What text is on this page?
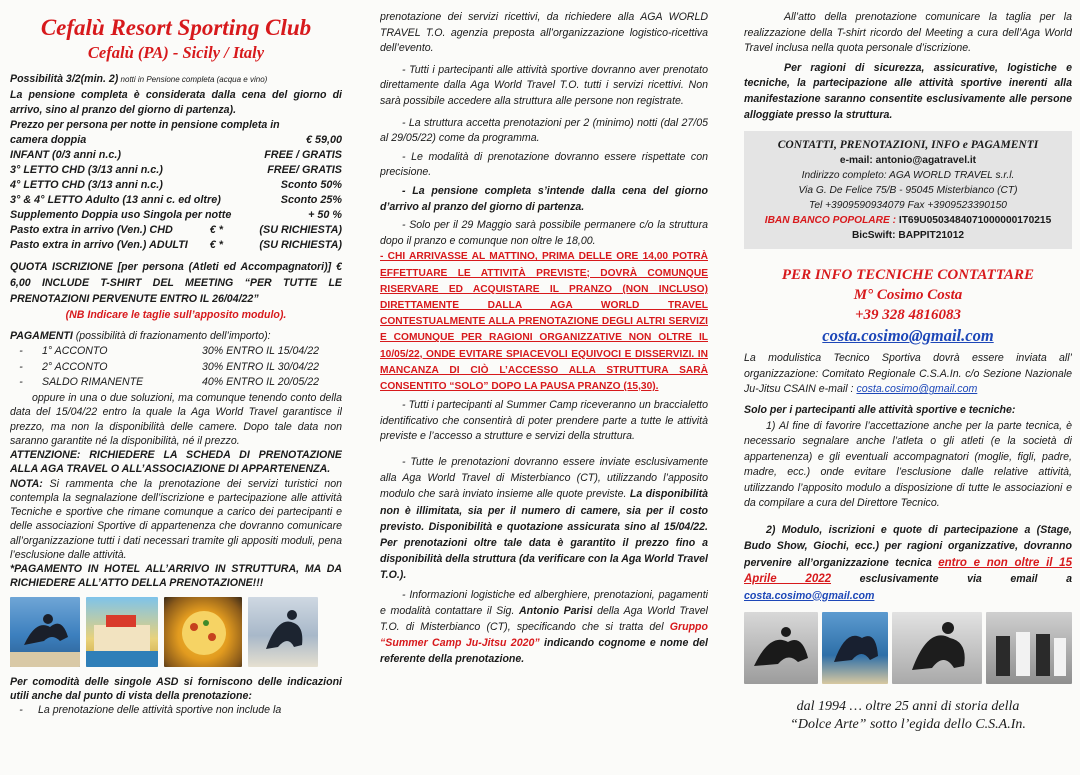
Cefalù Resort Sporting Club

Cefalù (PA) - Sicily / Italy

Possibilità 3/2(min. 2) notti in Pensione completa (acqua e vino)

La pensione completa è considerata dalla cena del giorno di arrivo, sino al pranzo del giorno di partenza).

Prezzo per persona per notte in pensione completa in

camera doppia	€ 59,00
INFANT (0/3 anni n.c.)	FREE / GRATIS
3° LETTO CHD (3/13 anni n.c.)	FREE/ GRATIS
4° LETTO CHD (3/13 anni n.c.)	Sconto 50%
3° & 4° LETTO Adulto (13 anni c. ed oltre)	Sconto 25%
Supplemento Doppia uso Singola per notte	+ 50 %
Pasto extra in arrivo (Ven.) CHD	€ *	(SU RICHIESTA)
Pasto extra in arrivo (Ven.) ADULTI	€ *	(SU RICHIESTA)

QUOTA ISCRIZIONE [per persona (Atleti ed Accompagnatori)] € 6,00 INCLUDE T-SHIRT DEL MEETING “PER TUTTE LE PRENOTAZIONI PERVENUTE ENTRO IL 26/04/22”

(NB Indicare le taglie sull’apposito modulo).

PAGAMENTI (possibilità di frazionamento dell’importo):

-	1° ACCONTO	30% ENTRO IL 15/04/22
-	2° ACCONTO	30% ENTRO IL 30/04/22
-	SALDO RIMANENTE	40% ENTRO IL 20/05/22

oppure in una o due soluzioni, ma comunque tenendo conto della data del 15/04/22 entro la quale la Aga World Travel garantisce il prezzo, ma non la disponibilità delle camere. Dopo tale data non saranno garantite né la disponibilità, né il prezzo.

ATTENZIONE: RICHIEDERE LA SCHEDA DI PRENOTAZIONE ALLA AGA TRAVEL O ALL’ASSOCIAZIONE DI APPARTENENZA.

NOTA: Si rammenta che la prenotazione dei servizi turistici non contempla la segnalazione dell’iscrizione e partecipazione alle attività Tecniche e sportive che rimane comunque a carico dei partecipanti e delle associazioni Sportive di appartenenza che dovranno comunicare all’organizzazione tutti i dati necessari tramite gli appositi moduli, pena l’esclusione dalle attività.

*PAGAMENTO IN HOTEL ALL’ARRIVO IN STRUTTURA, MA DA RICHIEDERE ALL’ATTO DELLA PRENOTAZIONE!!!

Per comodità delle singole ASD si forniscono delle indicazioni utili anche dal punto di vista della prenotazione:

- La prenotazione delle attività sportive non include la

prenotazione dei servizi ricettivi, da richiedere alla AGA WORLD TRAVEL T.O. agenzia preposta all’organizzazione logistico-ricettiva dell’evento.

- Tutti i partecipanti alle attività sportive dovranno aver prenotato direttamente dalla Aga World Travel T.O. tutti i servizi ricettivi. Non sarà possibile accedere alla struttura alle persone non registrate.

- La struttura accetta prenotazioni per 2 (minimo) notti (dal 27/05 al 29/05/22) come da programma.

- Le modalità di prenotazione dovranno essere rispettate con precisione.

- La pensione completa s’intende dalla cena del giorno d’arrivo al pranzo del giorno di partenza.

- Solo per il 29 Maggio sarà possibile permanere c/o la struttura dopo il pranzo e comunque non oltre le 18,00.

- CHI ARRIVASSE AL MATTINO, PRIMA DELLE ORE 14,00 POTRÀ EFFETTUARE LE ATTIVITÀ PREVISTE; DOVRÀ COMUNQUE RISERVARE ED ACQUISTARE IL PRANZO (NON INCLUSO) DIRETTAMENTE DALLA AGA WORLD TRAVEL CONTESTUALMENTE ALLA PRENOTAZIONE DEGLI ALTRI SERVIZI E COMUNQUE PER RAGIONI ORGANIZZATIVE NON OLTRE IL 10/05/22, ONDE EVITARE SPIACEVOLI EQUIVOCI E DISSERVIZI. IN MANCANZA DI CIÒ L’ACCESSO ALLA STRUTTURA SARÀ CONSENTITO “SOLO” DOPO LA PAUSA PRANZO (15,30).

- Tutti i partecipanti al Summer Camp riceveranno un braccialetto identificativo che consentirà di poter prendere parte a tutte le attività previste e l’accesso a strutture e servizi della struttura.

- Tutte le prenotazioni dovranno essere inviate esclusivamente alla Aga World Travel di Misterbianco (CT), utilizzando l’apposito modulo che sarà inviato insieme alle quote previste. La disponibilità non è illimitata, sia per il numero di camere, sia per il costo previsto. Disponibilità e quotazione assicurata sino al 15/04/22. Per prenotazioni oltre tale data è garantito il prezzo fino a disponibilità della struttura (da verificare con la Aga World Travel T.O.).

- Informazioni logistiche ed alberghiere, prenotazioni, pagamenti e modalità contattare il Sig. Antonio Parisi della Aga World Travel T.O. di Misterbianco (CT), specificando che si tratta del Gruppo “Summer Camp Ju-Jitsu 2020” indicando cognome e nome del referente della prenotazione.

All’atto della prenotazione comunicare la taglia per la realizzazione della T-shirt ricordo del Meeting a cura dell’Aga World Travel inclusa nella quota personale d’iscrizione.

Per ragioni di sicurezza, assicurative, logistiche e tecniche, la partecipazione alle attività sportive inerenti alla manifestazione saranno consentite esclusivamente alle persone alloggiate presso la struttura.

CONTATTI, PRENOTAZIONI, INFO e PAGAMENTI

e-mail: antonio@agatravel.it

Indirizzo completo: AGA WORLD TRAVEL s.r.l.

Via G. De Felice 75/B - 95045 Misterbianco (CT)

Tel +3909590934079 Fax +3909523390150

IBAN BANCO POPOLARE : IT69U0503484071000000170215

BicSwift: BAPPIT21012

PER INFO TECNICHE CONTATTARE

M° Cosimo Costa

+39 328 4816083

costa.cosimo@gmail.com

La modulistica Tecnico Sportiva dovrà essere inviata all’ organizzazione: Comitato Regionale C.S.A.In. c/o Sezione Nazionale Ju-Jitsu CSAIN e-mail : costa.cosimo@gmail.com

Solo per i partecipanti alle attività sportive e tecniche:

1) Al fine di favorire l’accettazione anche per la parte tecnica, è necessario segnalare anche l’atleta o gli atleti (e la società di appartenenza) e gli eventuali accompagnatori (moglie, figli, padre, madre, ecc.) onde evitare l’esclusione dalle relative attività, utilizzando l’apposito modulo a disposizione di tutte le associazioni e da compilare a cura del Direttore Tecnico.

2) Modulo, iscrizioni e quote di partecipazione a (Stage, Budo Show, Giochi, ecc.) per ragioni organizzative, dovranno pervenire all’organizzazione tecnica entro e non oltre il 15 Aprile 2022 esclusivamente via email a costa.cosimo@gmail.com

dal 1994 … oltre 25 anni di storia della

“Dolce Arte” sotto l’egida dello C.S.A.In.
